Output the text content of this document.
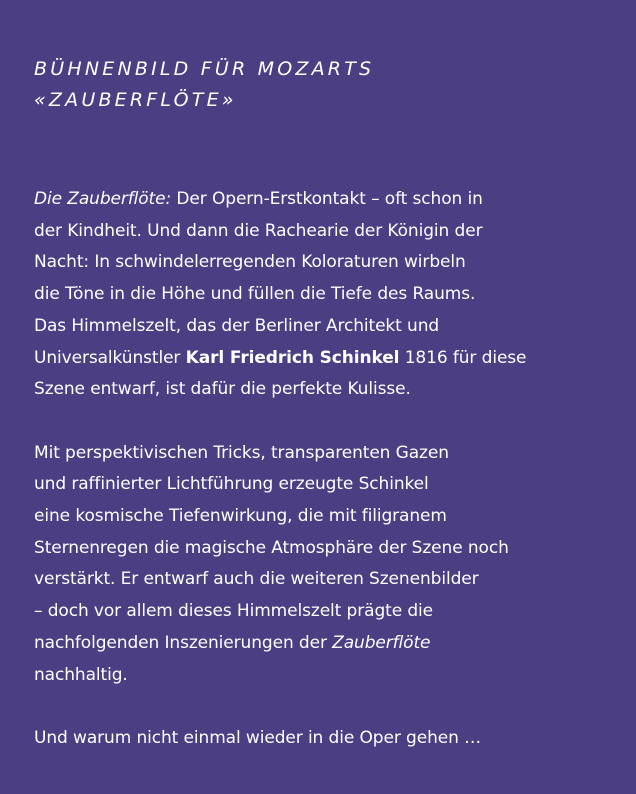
BÜHNENBILD FÜR MOZARTS
«ZAUBERFLÖTE»

Die Zauberflöte: Der Opern-Erstkontakt – oft schon in
der Kindheit. Und dann die Rachearie der Königin der
Nacht: In schwindelerregenden Koloraturen wirbeln
die Töne in die Höhe und füllen die Tiefe des Raums.
Das Himmelszelt, das der Berliner Architekt und
Universalkünstler Karl Friedrich Schinkel 1816 für diese
Szene entwarf, ist dafür die perfekte Kulisse.

Mit perspektivischen Tricks, transparenten Gazen
und raffinierter Lichtführung erzeugte Schinkel
eine kosmische Tiefenwirkung, die mit filigranem
Sternenregen die magische Atmosphäre der Szene noch
verstärkt. Er entwarf auch die weiteren Szenenbilder
– doch vor allem dieses Himmelszelt prägte die
nachfolgenden Inszenierungen der Zauberflöte
nachhaltig.

Und warum nicht einmal wieder in die Oper gehen …
